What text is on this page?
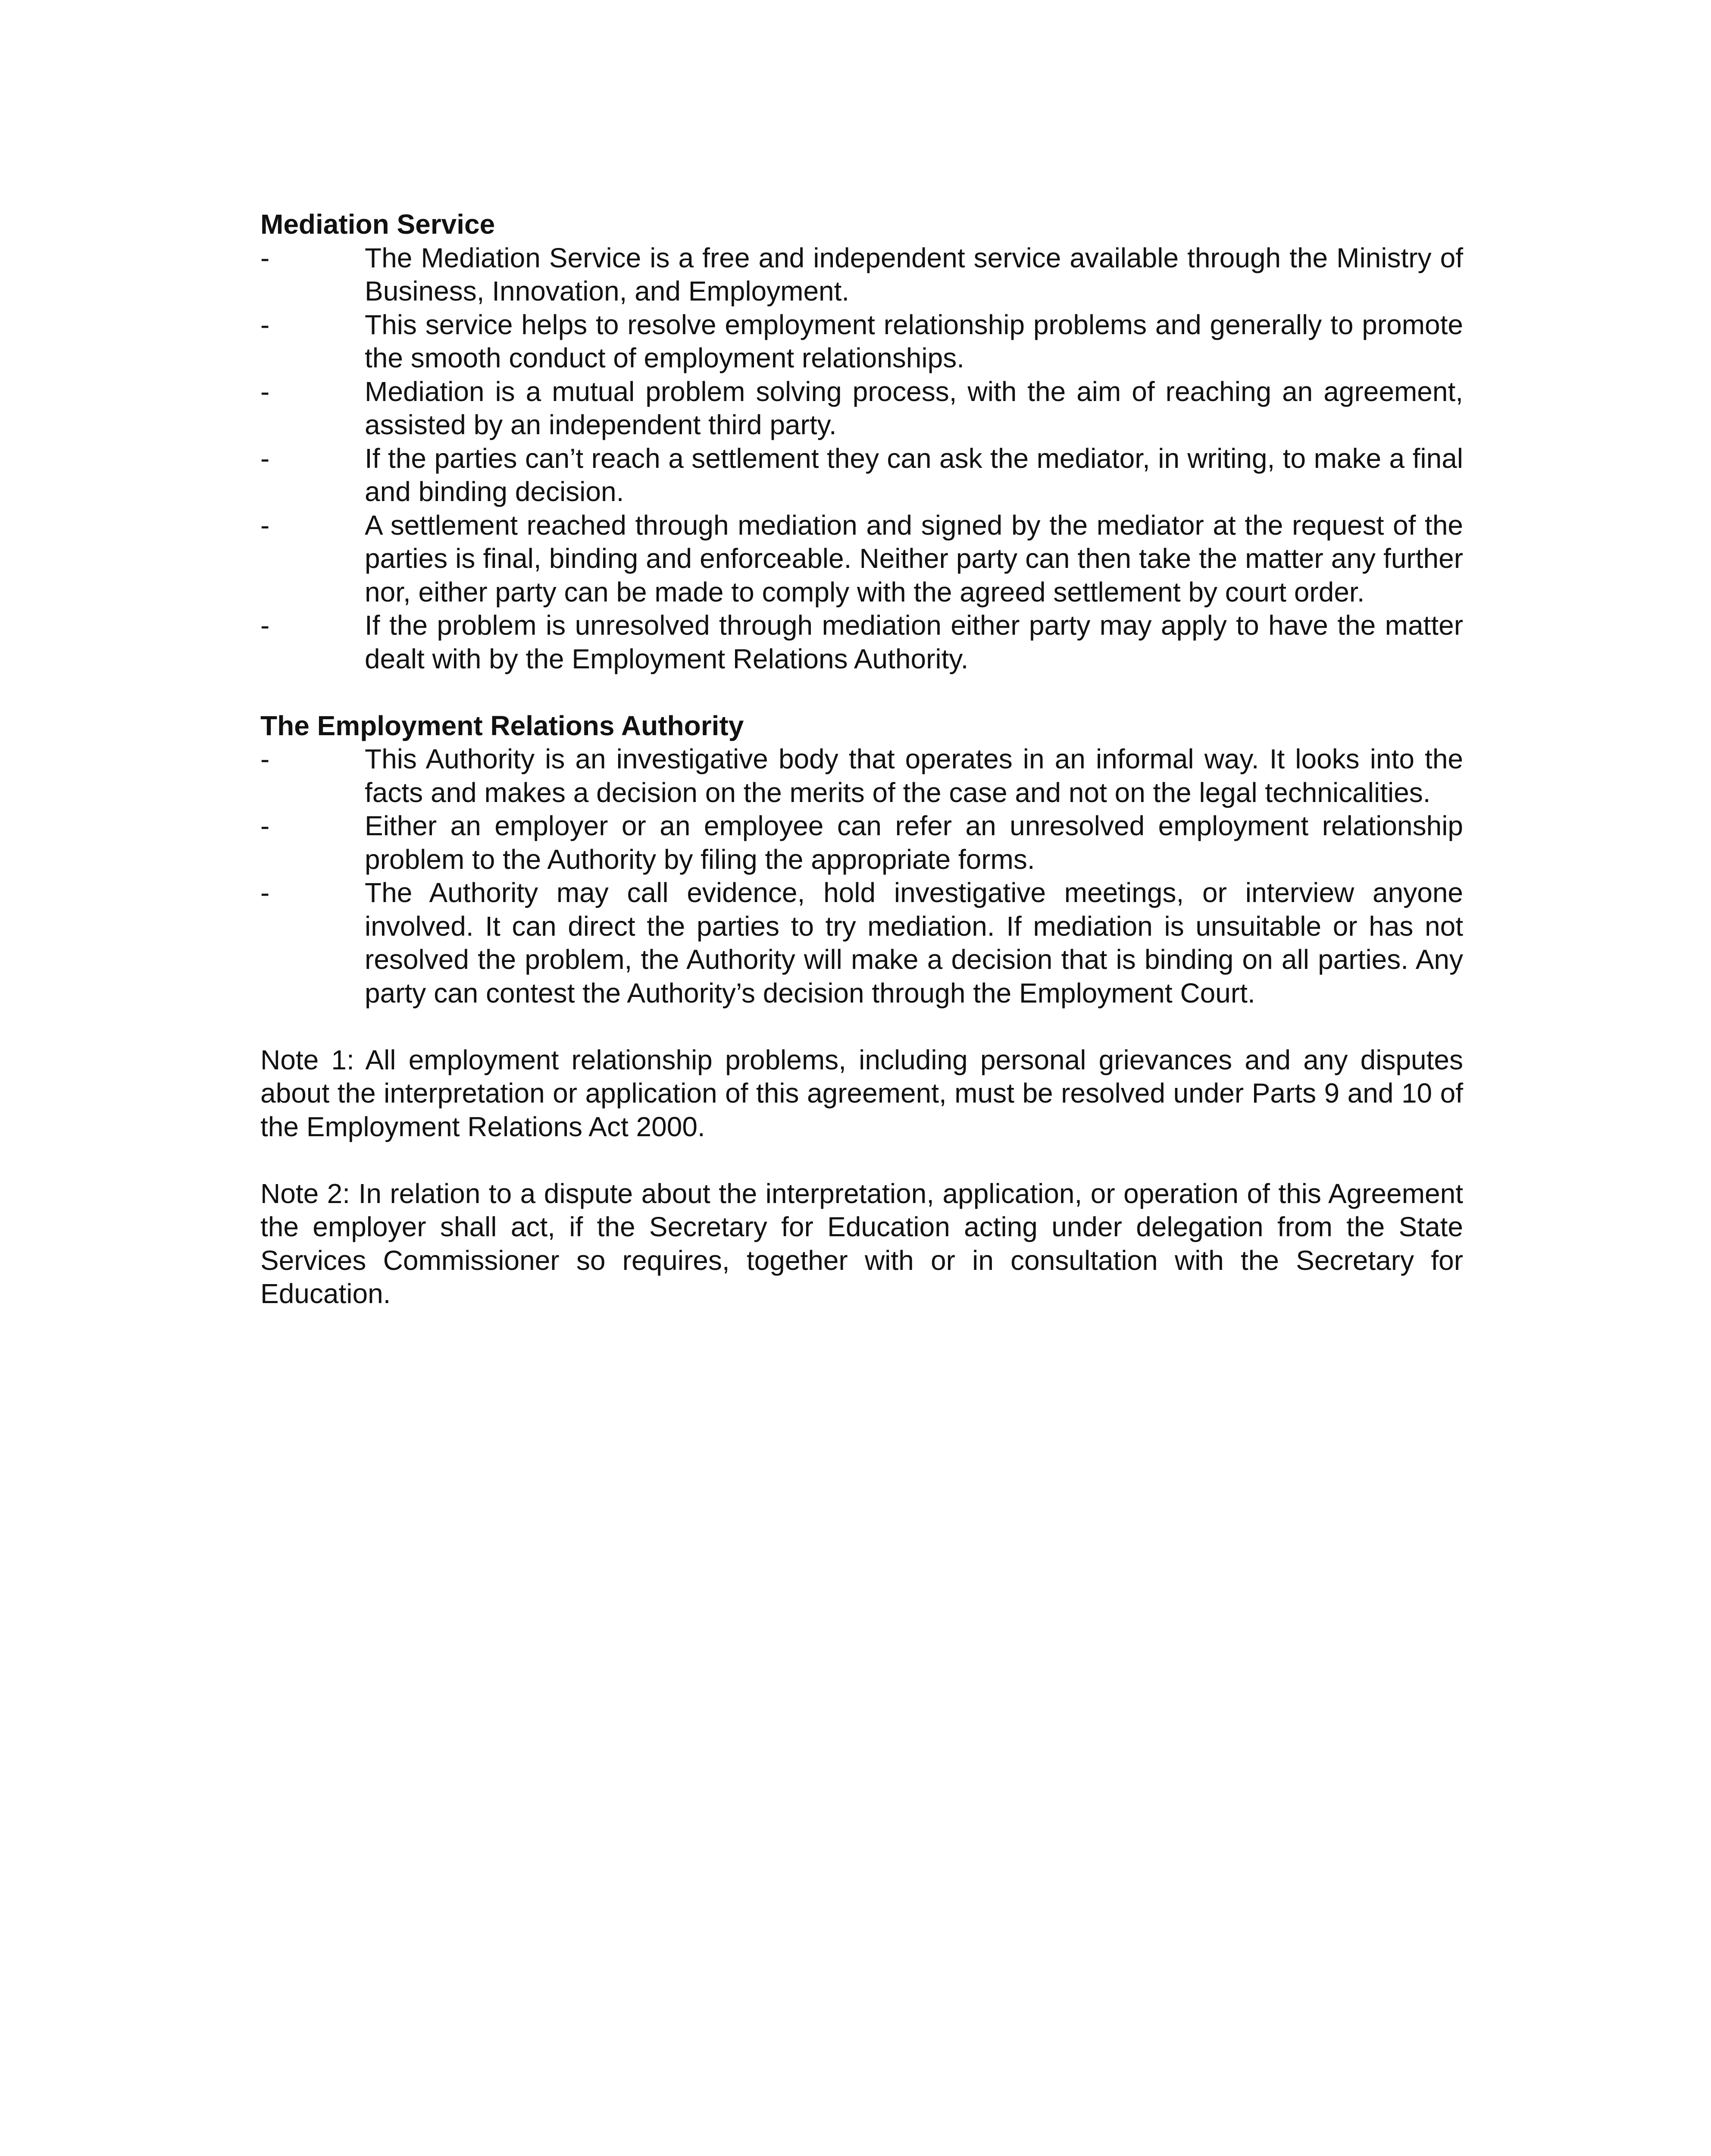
Mediation Service
-	The Mediation Service is a free and independent service available through the Ministry of Business, Innovation, and Employment.
-	This service helps to resolve employment relationship problems and generally to promote the smooth conduct of employment relationships.
-	Mediation is a mutual problem solving process, with the aim of reaching an agreement, assisted by an independent third party.
-	If the parties can’t reach a settlement they can ask the mediator, in writing, to make a final and binding decision.
-	A settlement reached through mediation and signed by the mediator at the request of the parties is final, binding and enforceable. Neither party can then take the matter any further nor, either party can be made to comply with the agreed settlement by court order.
-	If the problem is unresolved through mediation either party may apply to have the matter dealt with by the Employment Relations Authority.
The Employment Relations Authority
-	This Authority is an investigative body that operates in an informal way. It looks into the facts and makes a decision on the merits of the case and not on the legal technicalities.
-	Either an employer or an employee can refer an unresolved employment relationship problem to the Authority by filing the appropriate forms.
-	The Authority may call evidence, hold investigative meetings, or interview anyone involved. It can direct the parties to try mediation. If mediation is unsuitable or has not resolved the problem, the Authority will make a decision that is binding on all parties. Any party can contest the Authority’s decision through the Employment Court.

Note 1: All employment relationship problems, including personal grievances and any disputes about the interpretation or application of this agreement, must be resolved under Parts 9 and 10 of the Employment Relations Act 2000.

Note 2: In relation to a dispute about the interpretation, application, or operation of this Agreement the employer shall act, if the Secretary for Education acting under delegation from the State Services Commissioner so requires, together with or in consultation with the Secretary for Education.
